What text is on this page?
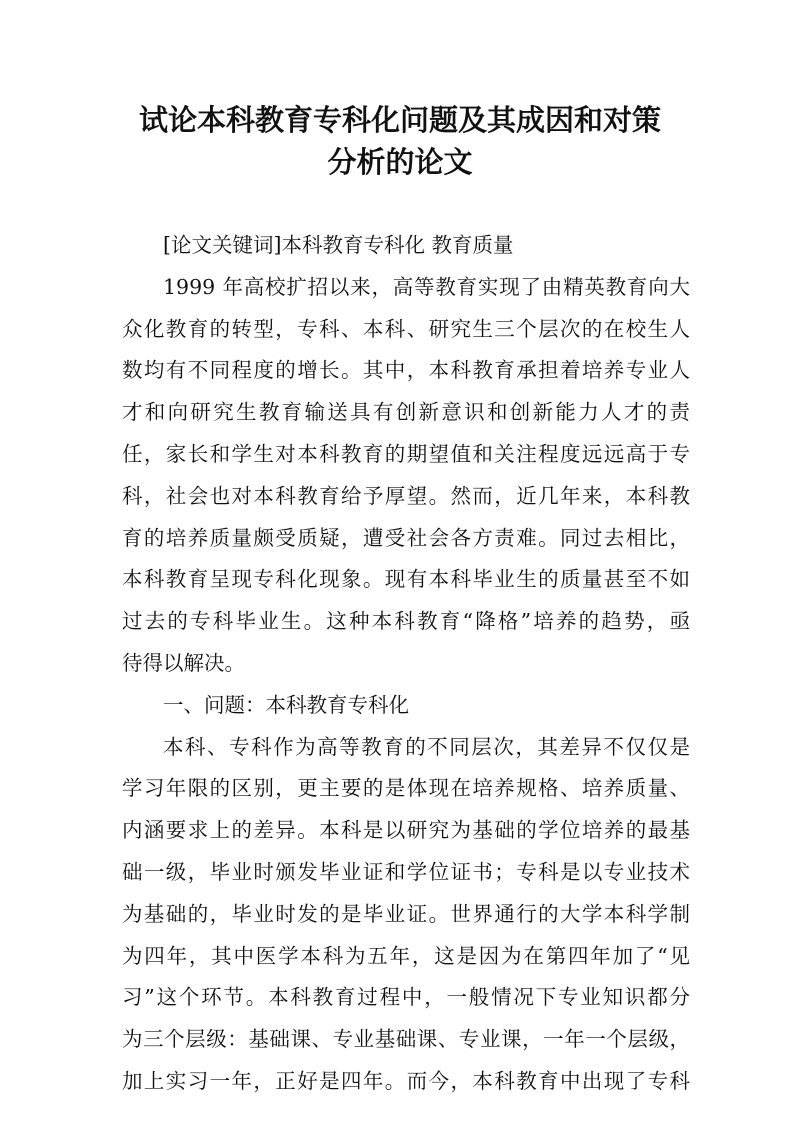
试论本科教育专科化问题及其成因和对策
分析的论文
[论文关键词]本科教育专科化 教育质量
1999 年高校扩招以来，高等教育实现了由精英教育向大
众化教育的转型，专科、本科、研究生三个层次的在校生人
数均有不同程度的增长。其中，本科教育承担着培养专业人
才和向研究生教育输送具有创新意识和创新能力人才的责
任，家长和学生对本科教育的期望值和关注程度远远高于专
科，社会也对本科教育给予厚望。然而，近几年来，本科教
育的培养质量颇受质疑，遭受社会各方责难。同过去相比，
本科教育呈现专科化现象。现有本科毕业生的质量甚至不如
过去的专科毕业生。这种本科教育“降格”培养的趋势，亟
待得以解决。
一、问题：本科教育专科化
本科、专科作为高等教育的不同层次，其差异不仅仅是
学习年限的区别，更主要的是体现在培养规格、培养质量、
内涵要求上的差异。本科是以研究为基础的学位培养的最基
础一级，毕业时颁发毕业证和学位证书；专科是以专业技术
为基础的，毕业时发的是毕业证。世界通行的大学本科学制
为四年，其中医学本科为五年，这是因为在第四年加了“见
习”这个环节。本科教育过程中，一般情况下专业知识都分
为三个层级：基础课、专业基础课、专业课，一年一个层级，
加上实习一年，正好是四年。而今，本科教育中出现了专科
